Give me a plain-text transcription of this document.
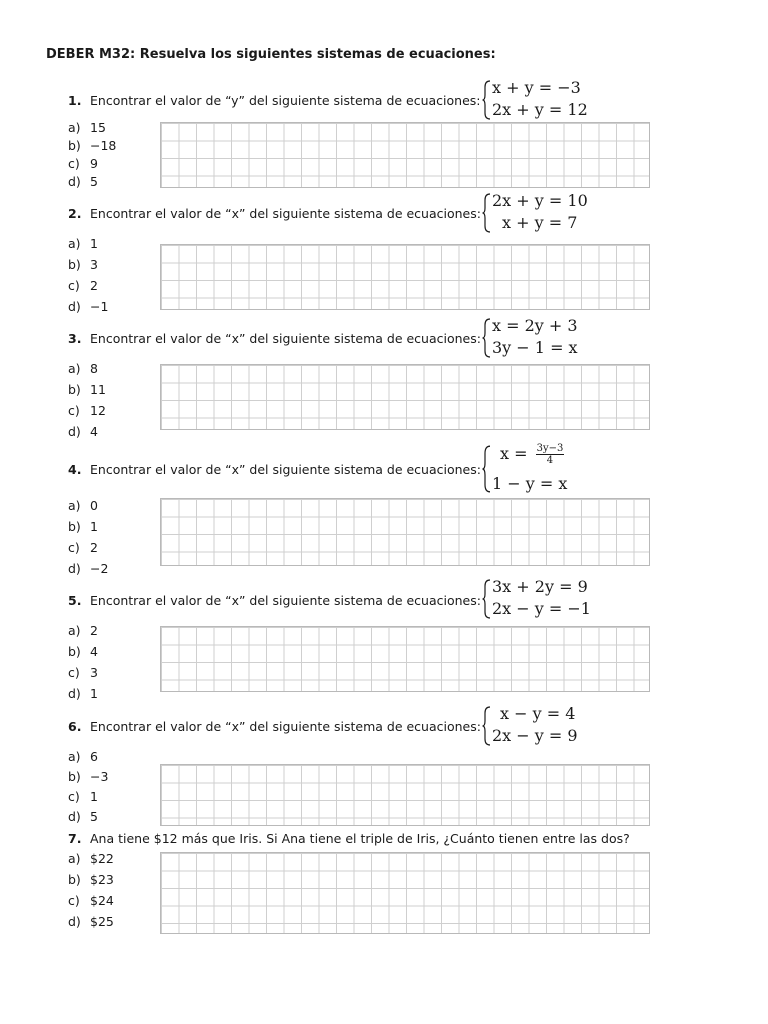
DEBER M32: Resuelva los siguientes sistemas de ecuaciones:
1. Encontrar el valor de “y” del siguiente sistema de ecuaciones:
x + y = −3
2x + y = 12
a) 15
b) −18
c) 9
d) 5
2. Encontrar el valor de “x” del siguiente sistema de ecuaciones:
2x + y = 10
x + y = 7
a) 1
b) 3
c) 2
d) −1
3. Encontrar el valor de “x” del siguiente sistema de ecuaciones:
x = 2y + 3
3y − 1 = x
a) 8
b) 11
c) 12
d) 4
4. Encontrar el valor de “x” del siguiente sistema de ecuaciones:
$x = \frac{3y-3}{4}$
1 − y = x
a) 0
b) 1
c) 2
d) −2
5. Encontrar el valor de “x” del siguiente sistema de ecuaciones:
3x + 2y = 9
2x − y = −1
a) 2
b) 4
c) 3
d) 1
6. Encontrar el valor de “x” del siguiente sistema de ecuaciones:
x − y = 4
2x − y = 9
a) 6
b) −3
c) 1
d) 5
7. Ana tiene $12 más que Iris. Si Ana tiene el triple de Iris, ¿Cuánto tienen entre las dos?
a) $22
b) $23
c) $24
d) $25
